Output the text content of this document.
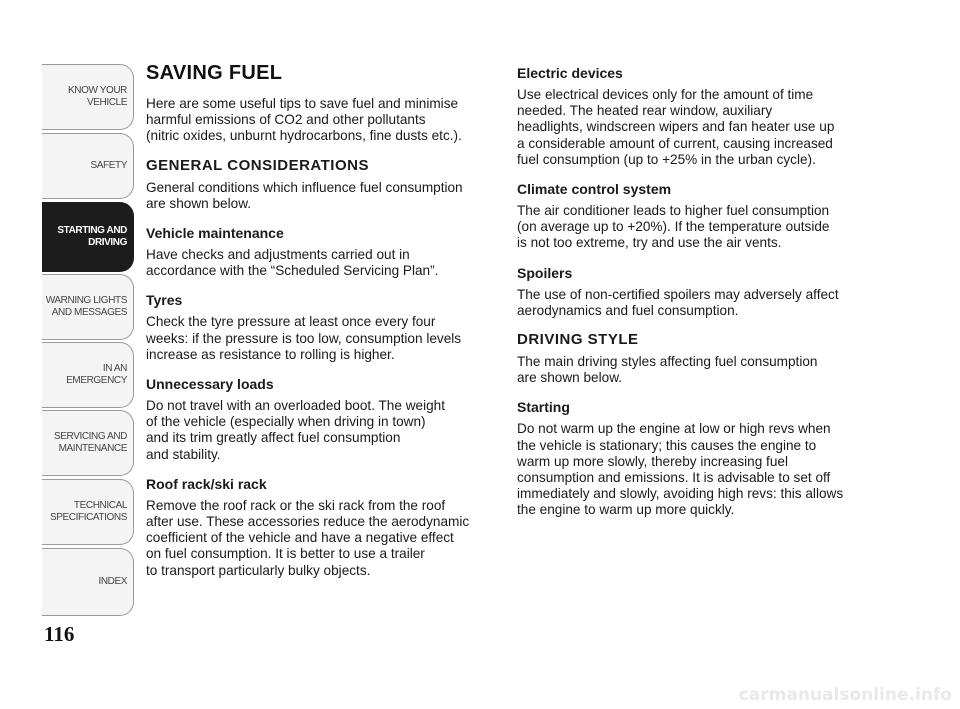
KNOW YOUR
VEHICLE
SAFETY
STARTING AND
DRIVING
WARNING LIGHTS
AND MESSAGES
IN AN EMERGENCY
SERVICING AND
MAINTENANCE
TECHNICAL
SPECIFICATIONS
INDEX
116
SAVING FUEL

Here are some useful tips to save fuel and minimise
harmful emissions of CO2 and other pollutants
(nitric oxides, unburnt hydrocarbons, fine dusts etc.).

GENERAL CONSIDERATIONS

General conditions which influence fuel consumption
are shown below.

Vehicle maintenance

Have checks and adjustments carried out in
accordance with the “Scheduled Servicing Plan”.

Tyres

Check the tyre pressure at least once every four
weeks: if the pressure is too low, consumption levels
increase as resistance to rolling is higher.

Unnecessary loads

Do not travel with an overloaded boot. The weight
of the vehicle (especially when driving in town)
and its trim greatly affect fuel consumption
and stability.

Roof rack/ski rack

Remove the roof rack or the ski rack from the roof
after use. These accessories reduce the aerodynamic
coefficient of the vehicle and have a negative effect
on fuel consumption. It is better to use a trailer
to transport particularly bulky objects.

Electric devices

Use electrical devices only for the amount of time
needed. The heated rear window, auxiliary
headlights, windscreen wipers and fan heater use up
a considerable amount of current, causing increased
fuel consumption (up to +25% in the urban cycle).

Climate control system

The air conditioner leads to higher fuel consumption
(on average up to +20%). If the temperature outside
is not too extreme, try and use the air vents.

Spoilers

The use of non-certified spoilers may adversely affect
aerodynamics and fuel consumption.

DRIVING STYLE

The main driving styles affecting fuel consumption
are shown below.

Starting

Do not warm up the engine at low or high revs when
the vehicle is stationary; this causes the engine to
warm up more slowly, thereby increasing fuel
consumption and emissions. It is advisable to set off
immediately and slowly, avoiding high revs: this allows
the engine to warm up more quickly.

carmanualsonline.info
